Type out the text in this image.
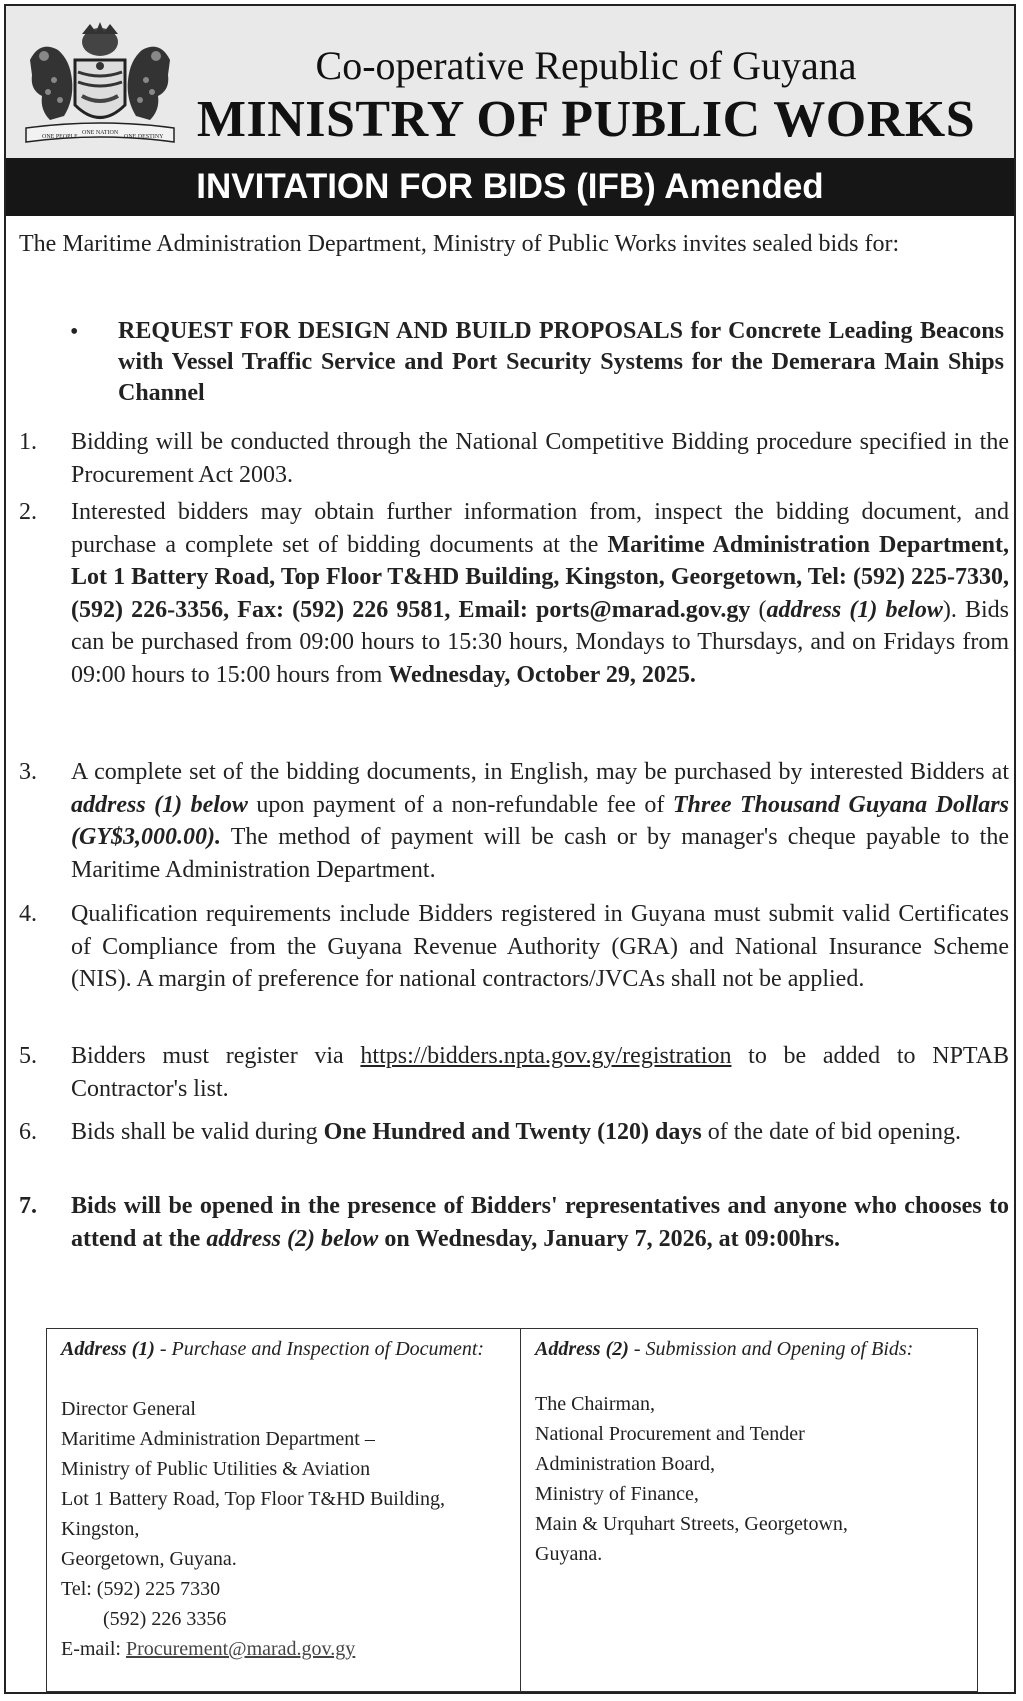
ONE PEOPLE
ONE NATION
ONE DESTINY
Co-operative Republic of Guyana
MINISTRY OF PUBLIC WORKS
INVITATION FOR BIDS (IFB) Amended
The Maritime Administration Department, Ministry of Public Works invites sealed bids for:
•	REQUEST FOR DESIGN AND BUILD PROPOSALS for Concrete Leading Beacons with Vessel Traffic Service and Port Security Systems for the Demerara Main Ships Channel
1.	Bidding will be conducted through the National Competitive Bidding procedure specified in the Procurement Act 2003.
2.	Interested bidders may obtain further information from, inspect the bidding document, and purchase a complete set of bidding documents at the Maritime Administration Department, Lot 1 Battery Road, Top Floor T&HD Building, Kingston, Georgetown, Tel: (592) 225-7330, (592) 226-3356, Fax: (592) 226 9581, Email: ports@marad.gov.gy (address (1) below). Bids can be purchased from 09:00 hours to 15:30 hours, Mondays to Thursdays, and on Fridays from 09:00 hours to 15:00 hours from Wednesday, October 29, 2025.
3.	A complete set of the bidding documents, in English, may be purchased by interested Bidders at address (1) below upon payment of a non-refundable fee of Three Thousand Guyana Dollars (GY$3,000.00). The method of payment will be cash or by manager's cheque payable to the Maritime Administration Department.
4.	Qualification requirements include Bidders registered in Guyana must submit valid Certificates of Compliance from the Guyana Revenue Authority (GRA) and National Insurance Scheme (NIS). A margin of preference for national contractors/JVCAs shall not be applied.
5.	Bidders must register via https://bidders.npta.gov.gy/registration to be added to NPTAB Contractor's list.
6.	Bids shall be valid during One Hundred and Twenty (120) days of the date of bid opening.
7.	Bids will be opened in the presence of Bidders' representatives and anyone who chooses to attend at the address (2) below on Wednesday, January 7, 2026, at 09:00hrs.
Address (1) - Purchase and Inspection of Document:
Director General
Maritime Administration Department –
Ministry of Public Utilities & Aviation
Lot 1 Battery Road, Top Floor T&HD Building,
Kingston,
Georgetown, Guyana.
Tel: (592) 225 7330
(592) 226 3356
E-mail: Procurement@marad.gov.gy
Address (2) - Submission and Opening of Bids:
The Chairman,
National Procurement and Tender
Administration Board,
Ministry of Finance,
Main & Urquhart Streets, Georgetown,
Guyana.
